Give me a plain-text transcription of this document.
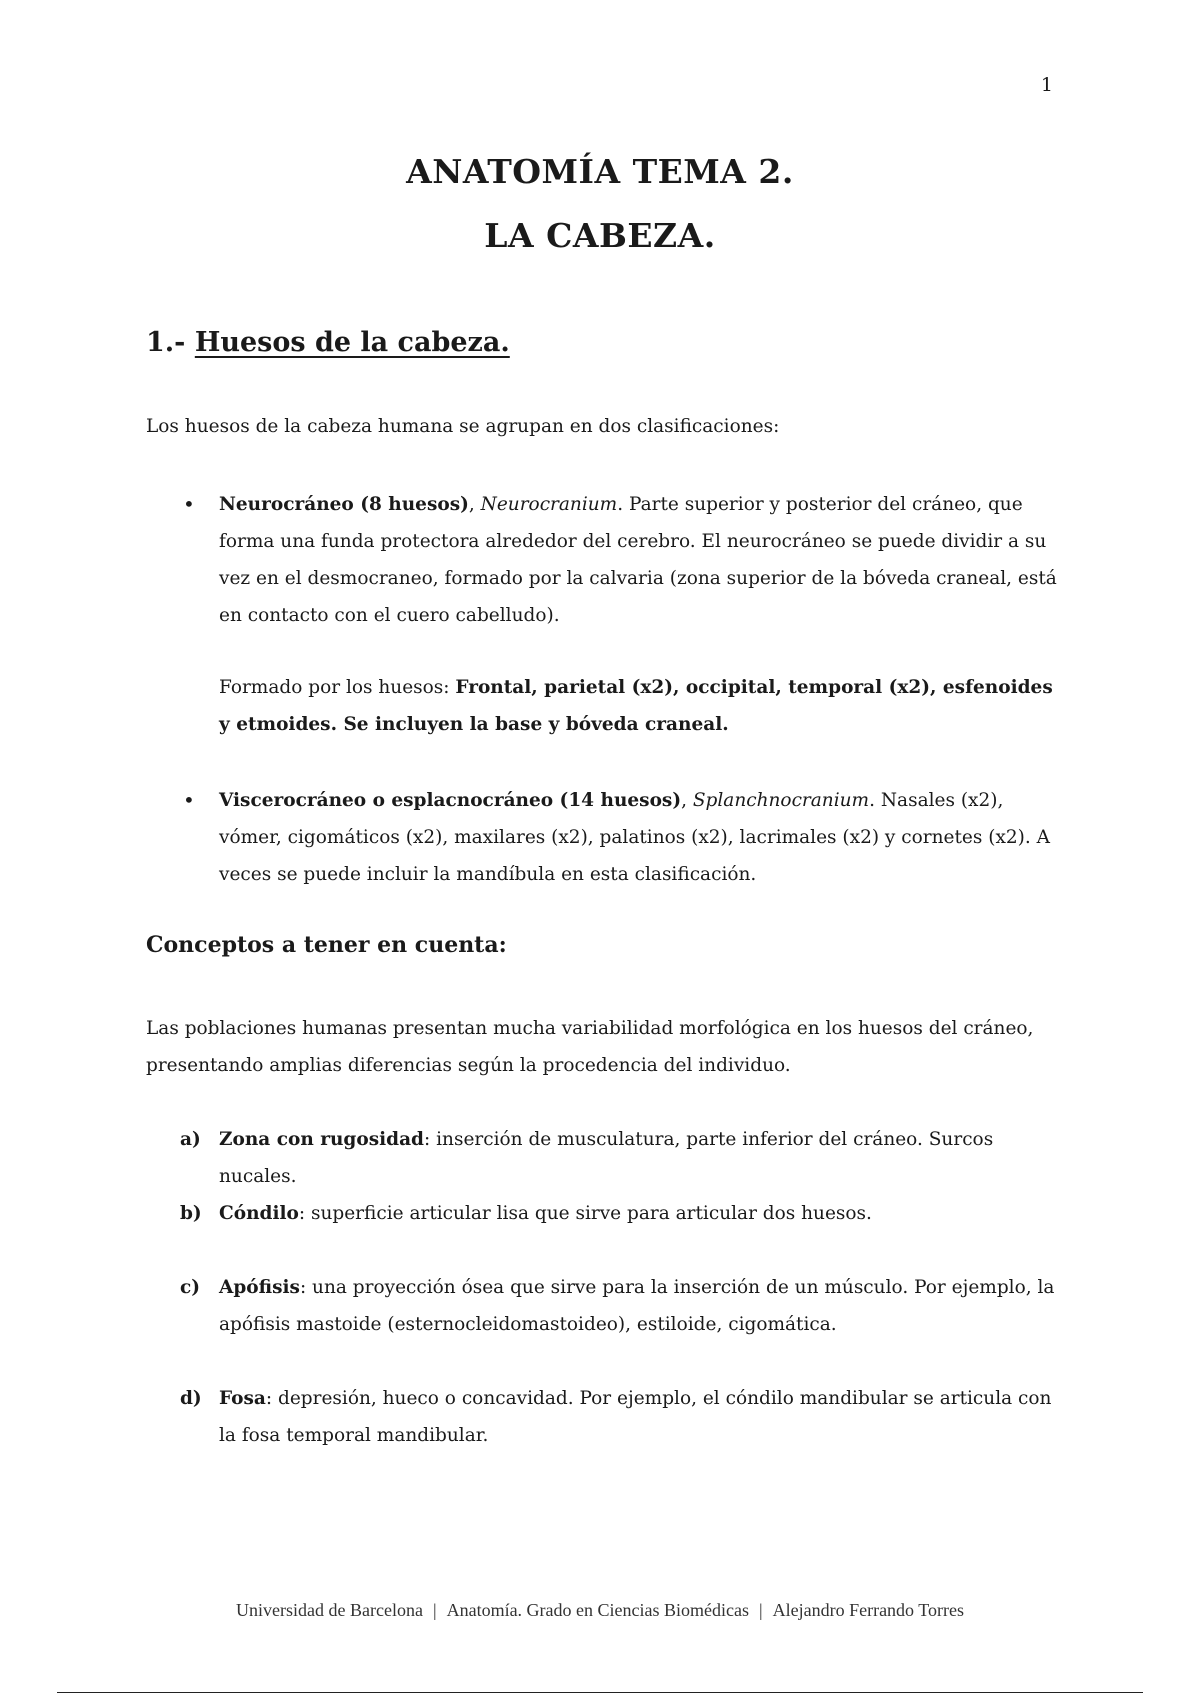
1
ANATOMÍA TEMA 2.
LA CABEZA.
1.- Huesos de la cabeza.
Los huesos de la cabeza humana se agrupan en dos clasificaciones:
• Neurocráneo (8 huesos), Neurocranium. Parte superior y posterior del cráneo, que forma una funda protectora alrededor del cerebro. El neurocráneo se puede dividir a su vez en el desmocraneo, formado por la calvaria (zona superior de la bóveda craneal, está en contacto con el cuero cabelludo).
Formado por los huesos: Frontal, parietal (x2), occipital, temporal (x2), esfenoides y etmoides. Se incluyen la base y bóveda craneal.
• Viscerocráneo o esplacnocráneo (14 huesos), Splanchnocranium. Nasales (x2), vómer, cigomáticos (x2), maxilares (x2), palatinos (x2), lacrimales (x2) y cornetes (x2). A veces se puede incluir la mandíbula en esta clasificación.
Conceptos a tener en cuenta:
Las poblaciones humanas presentan mucha variabilidad morfológica en los huesos del cráneo, presentando amplias diferencias según la procedencia del individuo.
a) Zona con rugosidad: inserción de musculatura, parte inferior del cráneo. Surcos nucales.
b) Cóndilo: superficie articular lisa que sirve para articular dos huesos.
c) Apófisis: una proyección ósea que sirve para la inserción de un músculo. Por ejemplo, la apófisis mastoide (esternocleidomastoideo), estiloide, cigomática.
d) Fosa: depresión, hueco o concavidad. Por ejemplo, el cóndilo mandibular se articula con la fosa temporal mandibular.
Universidad de Barcelona | Anatomía. Grado en Ciencias Biomédicas | Alejandro Ferrando Torres
